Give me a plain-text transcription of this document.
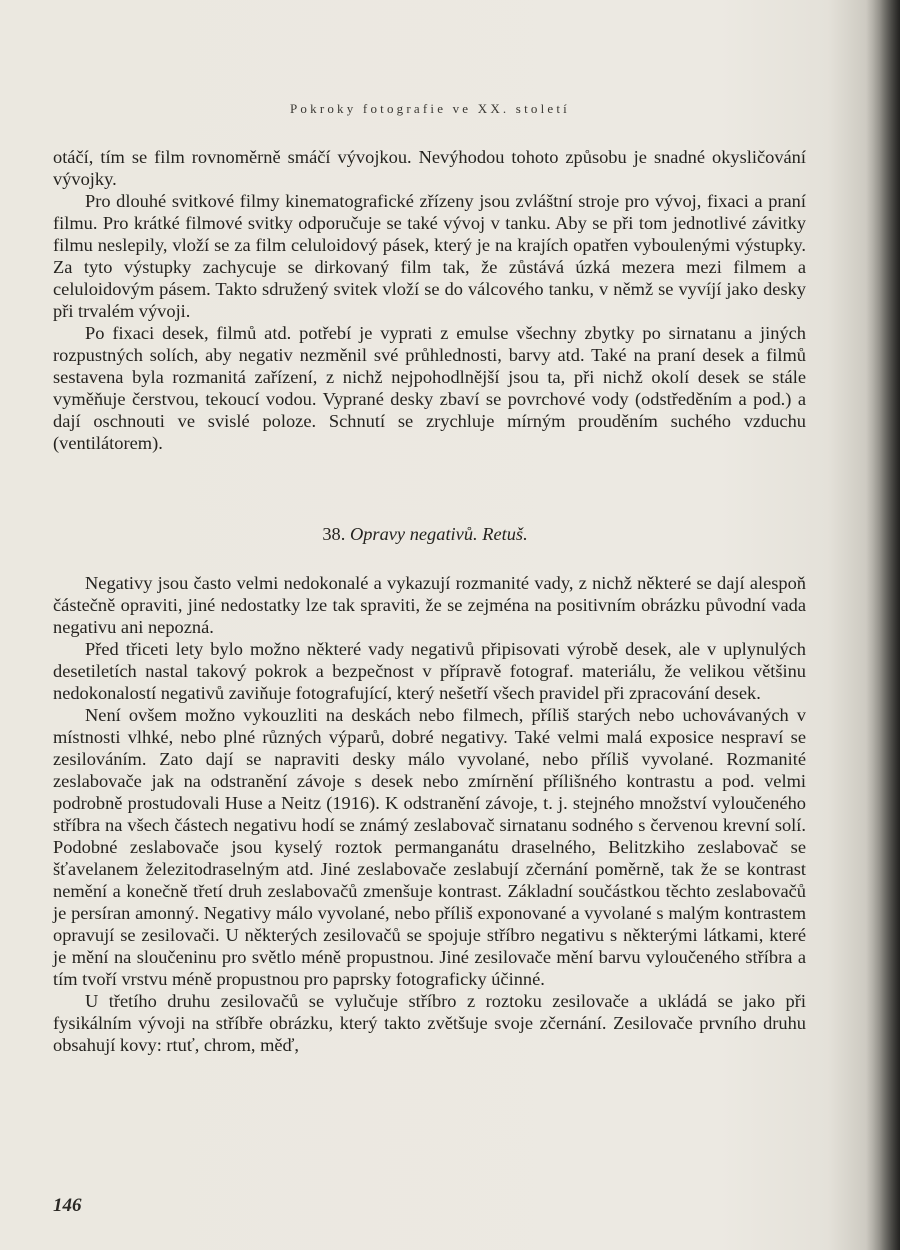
Pokroky fotografie ve XX. století

otáčí, tím se film rovnoměrně smáčí vývojkou. Nevýhodou tohoto způsobu je snadné okysličování vývojky.

Pro dlouhé svitkové filmy kinematografické zřízeny jsou zvláštní stroje pro vývoj, fixaci a praní filmu. Pro krátké filmové svitky odporučuje se také vývoj v tanku. Aby se při tom jednotlivé závitky filmu neslepily, vloží se za film celuloidový pásek, který je na krajích opatřen vyboulenými výstupky. Za tyto výstupky zachycuje se dirkovaný film tak, že zůstává úzká mezera mezi filmem a celuloidovým pásem. Takto sdružený svitek vloží se do válcového tanku, v němž se vyvíjí jako desky při trvalém vývoji.

Po fixaci desek, filmů atd. potřebí je vyprati z emulse všechny zbytky po sirnatanu a jiných rozpustných solích, aby negativ nezměnil své průhlednosti, barvy atd. Také na praní desek a filmů sestavena byla rozmanitá zařízení, z nichž nejpohodlnější jsou ta, při nichž okolí desek se stále vyměňuje čerstvou, tekoucí vodou. Vyprané desky zbaví se povrchové vody (odstředěním a pod.) a dají oschnouti ve svislé poloze. Schnutí se zrychluje mírným prouděním suchého vzduchu (ventilátorem).

38. Opravy negativů. Retuš.

Negativy jsou často velmi nedokonalé a vykazují rozmanité vady, z nichž některé se dají alespoň částečně opraviti, jiné nedostatky lze tak spraviti, že se zejména na positivním obrázku původní vada negativu ani nepozná.

Před třiceti lety bylo možno některé vady negativů připisovati výrobě desek, ale v uplynulých desetiletích nastal takový pokrok a bezpečnost v přípravě fotograf. materiálu, že velikou většinu nedokonalostí negativů zaviňuje fotografující, který nešetří všech pravidel při zpracování desek.

Není ovšem možno vykouzliti na deskách nebo filmech, příliš starých nebo uchovávaných v místnosti vlhké, nebo plné různých výparů, dobré negativy. Také velmi malá exposice nespraví se zesilováním. Zato dají se napraviti desky málo vyvolané, nebo příliš vyvolané. Rozmanité zeslabovače jak na odstranění závoje s desek nebo zmírnění přílišného kontrastu a pod. velmi podrobně prostudovali Huse a Neitz (1916). K odstranění závoje, t. j. stejného množství vyloučeného stříbra na všech částech negativu hodí se známý zeslabovač sirnatanu sodného s červenou krevní solí. Podobné zeslabovače jsou kyselý roztok permanganátu draselného, Belitzkiho zeslabovač se šťavelanem železitodraselným atd. Jiné zeslabovače zeslabují zčernání poměrně, tak že se kontrast nemění a konečně třetí druh zeslabovačů zmenšuje kontrast. Základní součástkou těchto zeslabovačů je persíran amonný. Negativy málo vyvolané, nebo příliš exponované a vyvolané s malým kontrastem opravují se zesilovači. U některých zesilovačů se spojuje stříbro negativu s některými látkami, které je mění na sloučeninu pro světlo méně propustnou. Jiné zesilovače mění barvu vyloučeného stříbra a tím tvoří vrstvu méně propustnou pro paprsky fotograficky účinné.

U třetího druhu zesilovačů se vylučuje stříbro z roztoku zesilovače a ukládá se jako při fysikálním vývoji na stříbře obrázku, který takto zvětšuje svoje zčernání. Zesilovače prvního druhu obsahují kovy: rtuť, chrom, měď,

146
